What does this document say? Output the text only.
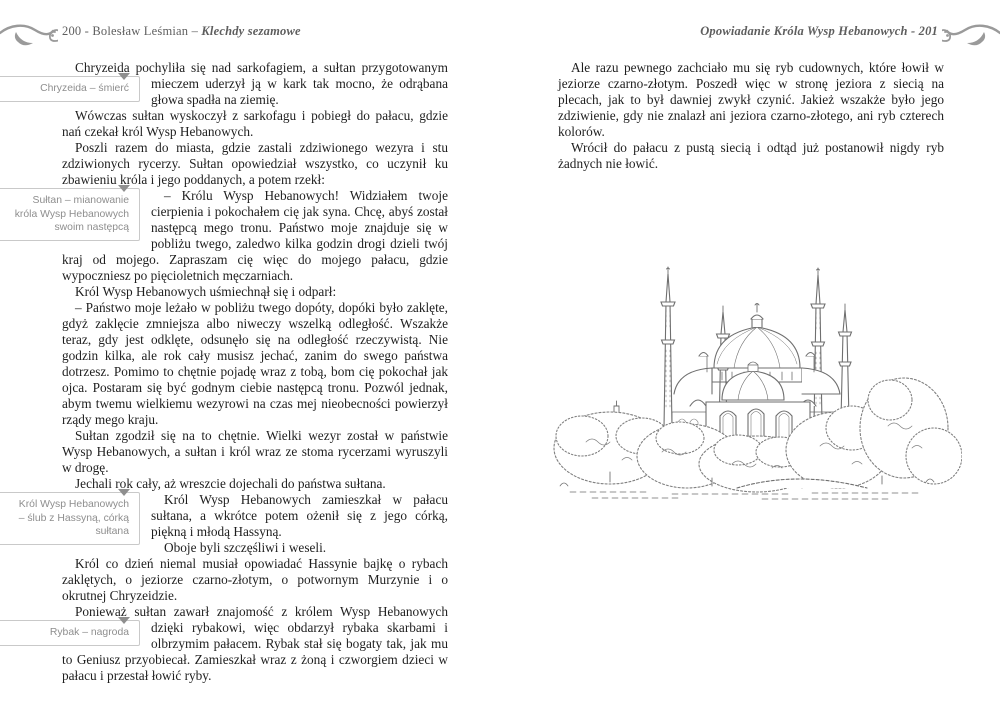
200 - Bolesław Leśmian – Klechdy sezamowe	Opowiadanie Króla Wysp Hebanowych - 201

Chryzeida pochyliła się nad sarkofagiem, a sułtan przygotowanym
Chryzeida – śmierć	mieczem uderzył ją w kark tak mocno, że odrąbana głowa spadła na ziemię.

Wówczas sułtan wyskoczył z sarkofagu i pobiegł do pałacu, gdzie nań czekał król Wysp Hebanowych.

Poszli razem do miasta, gdzie zastali zdziwionego wezyra i stu zdziwionych rycerzy. Sułtan opowiedział wszystko, co uczynił ku zbawieniu króla i jego poddanych, a potem rzekł:

Sułtan – mianowanie króla Wysp Hebanowych swoim następcą
– Królu Wysp Hebanowych! Widziałem twoje cierpienia i pokochałem cię jak syna. Chcę, abyś został następcą mego tronu. Państwo moje znajduje się w pobliżu twego, zaledwo kilka godzin drogi dzieli twój kraj od mojego. Zapraszam cię więc do mojego pałacu, gdzie wypoczniesz po pięcioletnich męczarniach.

Król Wysp Hebanowych uśmiechnął się i odparł:

– Państwo moje leżało w pobliżu twego dopóty, dopóki było zaklęte, gdyż zaklęcie zmniejsza albo niweczy wszelką odległość. Wszakże teraz, gdy jest odklęte, odsunęło się na odległość rzeczywistą. Nie godzin kilka, ale rok cały musisz jechać, zanim do swego państwa dotrzesz. Pomimo to chętnie pojadę wraz z tobą, bom cię pokochał jak ojca. Postaram się być godnym ciebie następcą tronu. Pozwól jednak, abym twemu wielkiemu wezyrowi na czas mej nieobecności powierzył rządy mego kraju.

Sułtan zgodził się na to chętnie. Wielki wezyr został w państwie Wysp Hebanowych, a sułtan i król wraz ze stoma rycerzami wyruszyli w drogę.

Jechali rok cały, aż wreszcie dojechali do państwa sułtana.

Król Wysp Hebanowych – ślub z Hassyną, córką sułtana
Król Wysp Hebanowych zamieszkał w pałacu sułtana, a wkrótce potem ożenił się z jego córką, piękną i młodą Hassyną.

Oboje byli szczęśliwi i weseli.

Król co dzień niemal musiał opowiadać Hassynie bajkę o rybach zaklętych, o jeziorze czarno-złotym, o potwornym Murzynie i o okrutnej Chryzeidzie.

Ponieważ sułtan zawarł znajomość z królem Wysp Hebanowych
Rybak – nagroda	dzięki rybakowi, więc obdarzył rybaka skarbami i olbrzymim pałacem. Rybak stał się bogaty tak, jak mu to Geniusz przyobiecał. Zamieszkał wraz z żoną i czworgiem dzieci w pałacu i przestał łowić ryby.

Ale razu pewnego zachciało mu się ryb cudownych, które łowił w jeziorze czarno-złotym. Poszedł więc w stronę jeziora z siecią na plecach, jak to był dawniej zwykł czynić. Jakież wszakże było jego zdziwienie, gdy nie znalazł ani jeziora czarno-złotego, ani ryb czterech kolorów.

Wrócił do pałacu z pustą siecią i odtąd już postanowił nigdy ryb żadnych nie łowić.
